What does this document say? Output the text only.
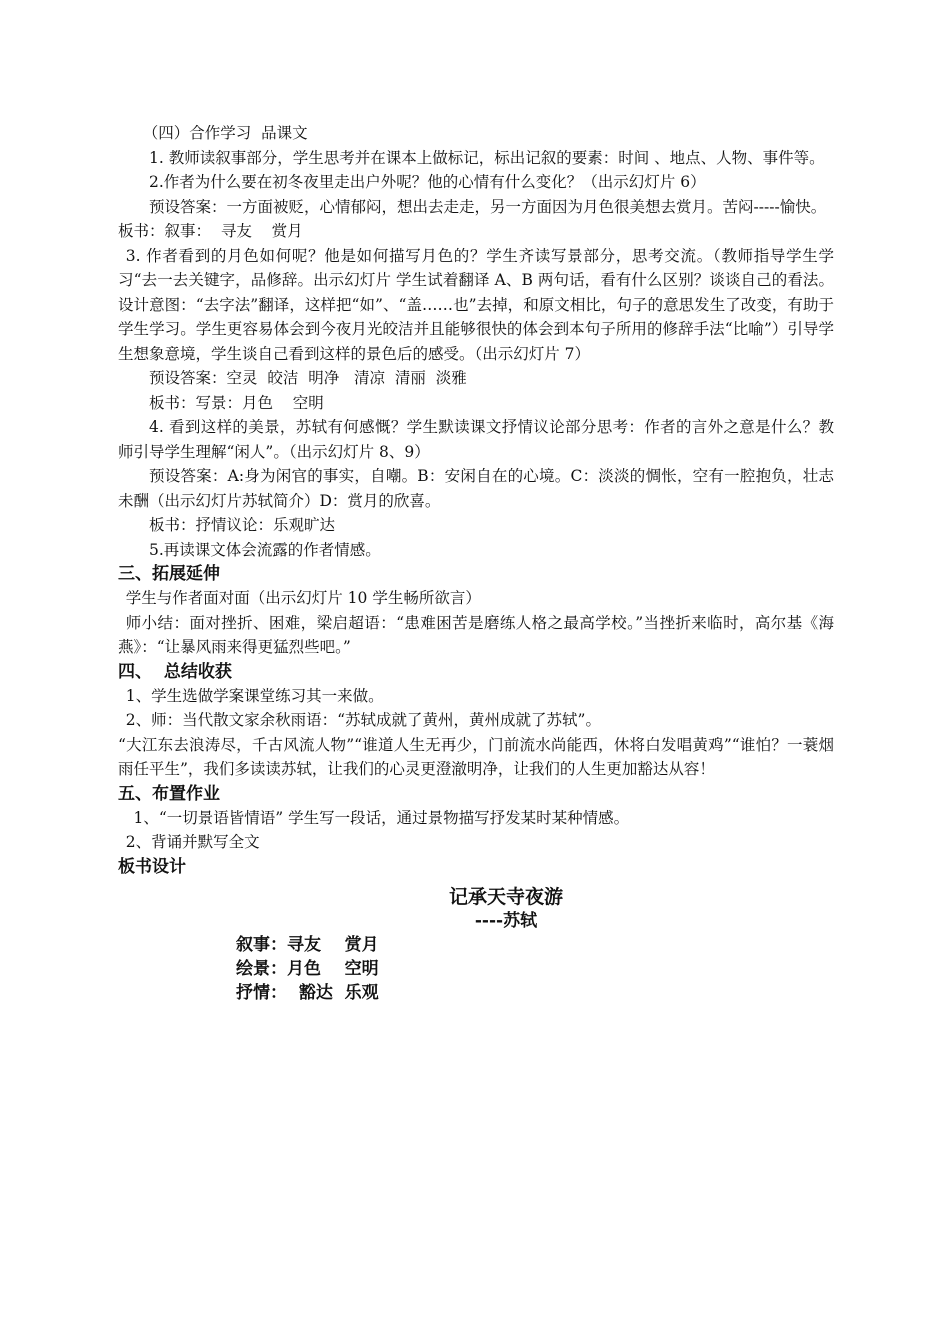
（四）合作学习  品课文

1. 教师读叙事部分，学生思考并在课本上做标记，标出记叙的要素：时间 、地点、人物、事件等。

2.作者为什么要在初冬夜里走出户外呢？他的心情有什么变化？（出示幻灯片 6）

预设答案：一方面被贬，心情郁闷，想出去走走，另一方面因为月色很美想去赏月。苦闷-----愉快。

板书：叙事：  寻友    赏月

3. 作者看到的月色如何呢？他是如何描写月色的？学生齐读写景部分，思考交流。（教师指导学生学习“去一去关键字，品修辞。出示幻灯片 学生试着翻译 A、B 两句话，看有什么区别？谈谈自己的看法。设计意图：“去字法”翻译，这样把“如”、“盖……也”去掉，和原文相比，句子的意思发生了改变，有助于学生学习。学生更容易体会到今夜月光皎洁并且能够很快的体会到本句子所用的修辞手法“比喻”）引导学生想象意境，学生谈自己看到这样的景色后的感受。（出示幻灯片 7）

预设答案：空灵  皎洁  明净   清凉  清丽  淡雅

板书：写景：月色    空明

4. 看到这样的美景，苏轼有何感慨？学生默读课文抒情议论部分思考：作者的言外之意是什么？教师引导学生理解“闲人”。（出示幻灯片 8、9）

预设答案：A:身为闲官的事实，自嘲。B：安闲自在的心境。C：淡淡的惆怅，空有一腔抱负，壮志未酬（出示幻灯片苏轼简介）D：赏月的欣喜。

板书：抒情议论：乐观旷达

5.再读课文体会流露的作者情感。

三、拓展延伸

学生与作者面对面（出示幻灯片 10 学生畅所欲言）

师小结：面对挫折、困难，梁启超语：“患难困苦是磨练人格之最高学校。”当挫折来临时，高尔基《海燕》：“让暴风雨来得更猛烈些吧。”

四、  总结收获

1、学生选做学案课堂练习其一来做。

2、师：当代散文家余秋雨语：“苏轼成就了黄州，黄州成就了苏轼”。

“大江东去浪涛尽，千古风流人物”“谁道人生无再少，门前流水尚能西，休将白发唱黄鸡”“谁怕？一蓑烟雨任平生”，我们多读读苏轼，让我们的心灵更澄澈明净，让我们的人生更加豁达从容！

五、布置作业

1、“一切景语皆情语” 学生写一段话，通过景物描写抒发某时某种情感。

2、背诵并默写全文

板书设计

记承天寺夜游

----苏轼

叙事：寻友    赏月

绘景：月色    空明

抒情：  豁达  乐观
